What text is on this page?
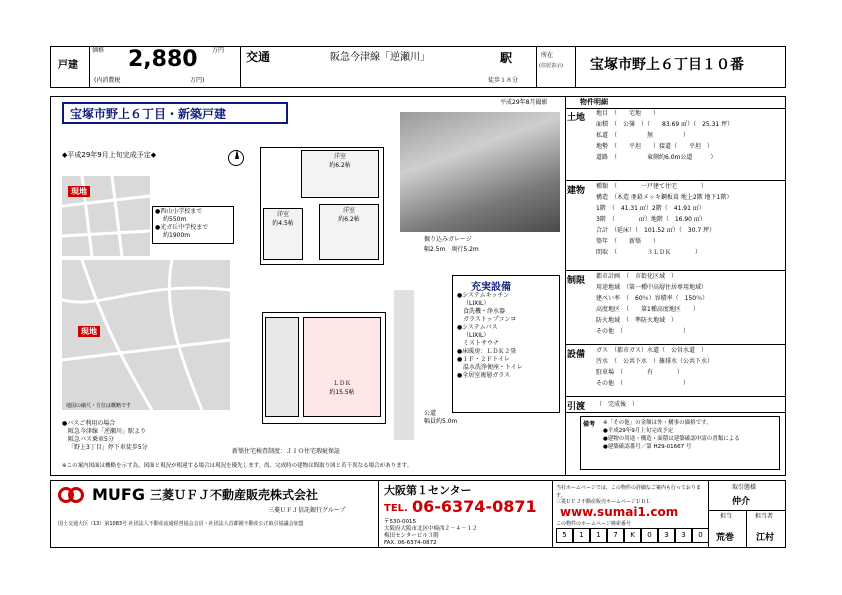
戸建
価格 2,880 万円
(内消費税	万円)
交通	阪急今津線「逆瀬川」	駅
徒歩１８分
所在
(住居表示) 宝塚市野上６丁目１０番
宝塚市野上６丁目・新築戸建
平成29年8月撮影
◆平成29年9月上旬完成予定◆
現地
●西山小学校まで
約550m
●光ガ丘中学校まで
約1900m
現地
地図の縮尺・方位は概略です
●バスご利用の場合
阪急今津線「逆瀬川」駅より
阪急バス乗車5分
「野上3丁目」停下車徒歩5分
洋室
約6.2帖
洋室
約4.5帖
洋室
約6.2帖
ＬＤＫ
約15.5帖
公道
幅員約5.0m
新築住宅検査制度：ＪＩＯ住宅瑕疵保証
掘り込みガレージ
幅2.5m　奥行5.2m
充実設備
●システムキッチン
（LIXIL）
食洗機・浄水器
ガラストップコンロ
●システムバス
（LIXIL）
ミストサウナ
●床暖房：ＬＤＫ２畳
●１Ｆ・２Ｆトイレ
温水洗浄便座・トイレ
●全居室複層ガラス
※この案内図面は概略を示す為、図面と現況が相違する場合は現況を優先します。尚、完成時の建物は間取り図と若干異なる場合があります。
物件明細
土地 地目　（　　宅地　　）
面積　（　公簿　）（　　83.69 ㎡）（　25.31 坪）
私道　（　　　　　無　　　　　）
地勢　（　　平坦　　）接道（　　平坦　）
道路　（　　　　　東側約6.0m公道　　　）
建物 種類　（　　　　一戸建て住宅　　　　）
構造　（木造 亜鉛メッキ鋼板葺 地上2階 地下1階）
1階　（　41.31 ㎡）2階（　41.91 ㎡）
3階　（　　　　㎡）地階（　16.90 ㎡）
合計　（延床）（　101.52 ㎡）（　30.7 坪）
築年　（　　新築　　）
間取　（　　　　　３ＬＤＫ　　　　）
制限 都市計画　（　市街化区域　）
用途地域　（第一種中高層住居専用地域）
建ぺい率　（　60％）容積率（　150％）
高度地区　（　　第1種高度地区　　）
防火地域　（　準防火地域　）
その他　（　　　　　　　　　　）
設備 ガス　（都市ガス）水道（　公営水道　）
汚水　（　公共下水　）雑排水（公共下水）
駐車場　（　　　　有　　　　）
その他　（　　　　　　　　　　）
引渡 （　完成後　）
備考 ※「その他」の金額は外・構事の価格です。
●平成29年9月上旬完成予定
●建物の用途・構造・面積は建築確認申請の書類による
●建築確認番号／第 H29-01667 号
MUFG 三菱ＵＦＪ不動産販売株式会社
三菱ＵＦＪ信託銀行グループ
国土交通大臣（13）第1083号 社団法人不動産流通経営協会会員・社団法人首都圏不動産公正取引協議会加盟
大阪第１センター
TEL. 06-6374-0871
〒530-0015
大阪府大阪市北区中崎西２－４－１２
梅田センタービル３階
FAX. 06-6374-0872
当社ホームページでは、この物件の詳細なご案内も行っております。
三菱ＵＦＪ不動産販売ホームページＵＲＬ
www.sumai1.com
この物件のホームページ検索番号
5	1	1	7	K	0	3	3	0
取引態様
仲介
担当	担当者
荒巻 江村
